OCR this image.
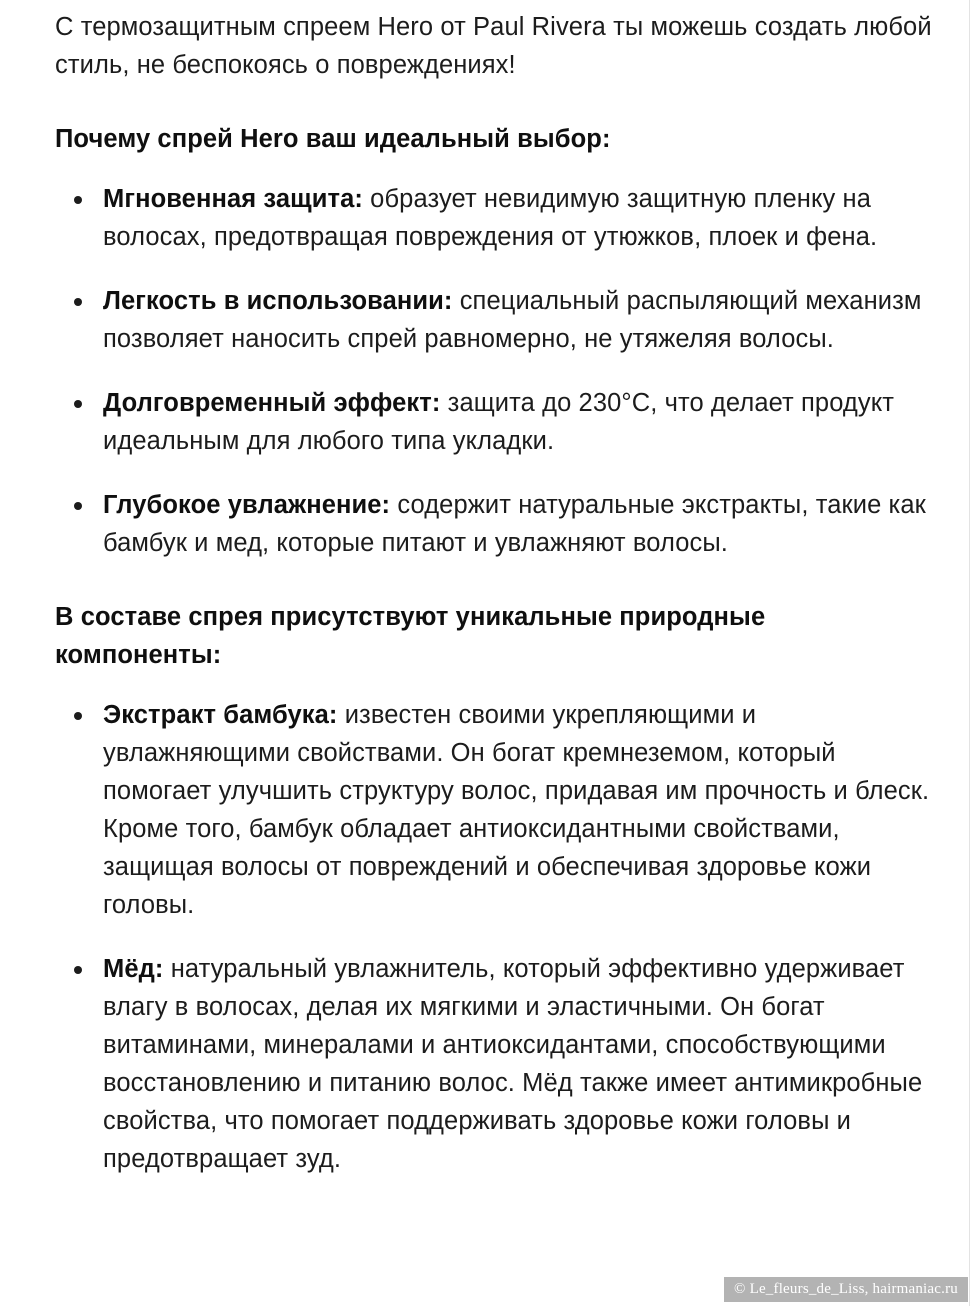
С термозащитным спреем Hero от Paul Rivera ты можешь создать любой стиль, не беспокоясь о повреждениях!

Почему спрей Hero ваш идеальный выбор:
Мгновенная защита: образует невидимую защитную пленку на волосах, предотвращая повреждения от утюжков, плоек и фена.
Легкость в использовании: специальный распыляющий механизм позволяет наносить спрей равномерно, не утяжеляя волосы.
Долговременный эффект: защита до 230°C, что делает продукт идеальным для любого типа укладки.
Глубокое увлажнение: содержит натуральные экстракты, такие как бамбук и мед, которые питают и увлажняют волосы.
В составе спрея присутствуют уникальные природные компоненты:
Экстракт бамбука: известен своими укрепляющими и увлажняющими свойствами. Он богат кремнеземом, который помогает улучшить структуру волос, придавая им прочность и блеск. Кроме того, бамбук обладает антиоксидантными свойствами, защищая волосы от повреждений и обеспечивая здоровье кожи головы.
Мёд: натуральный увлажнитель, который эффективно удерживает влагу в волосах, делая их мягкими и эластичными. Он богат витаминами, минералами и антиоксидантами, способствующими восстановлению и питанию волос. Мёд также имеет антимикробные свойства, что помогает поддерживать здоровье кожи головы и предотвращает зуд.
© Le_fleurs_de_Liss, hairmaniac.ru
